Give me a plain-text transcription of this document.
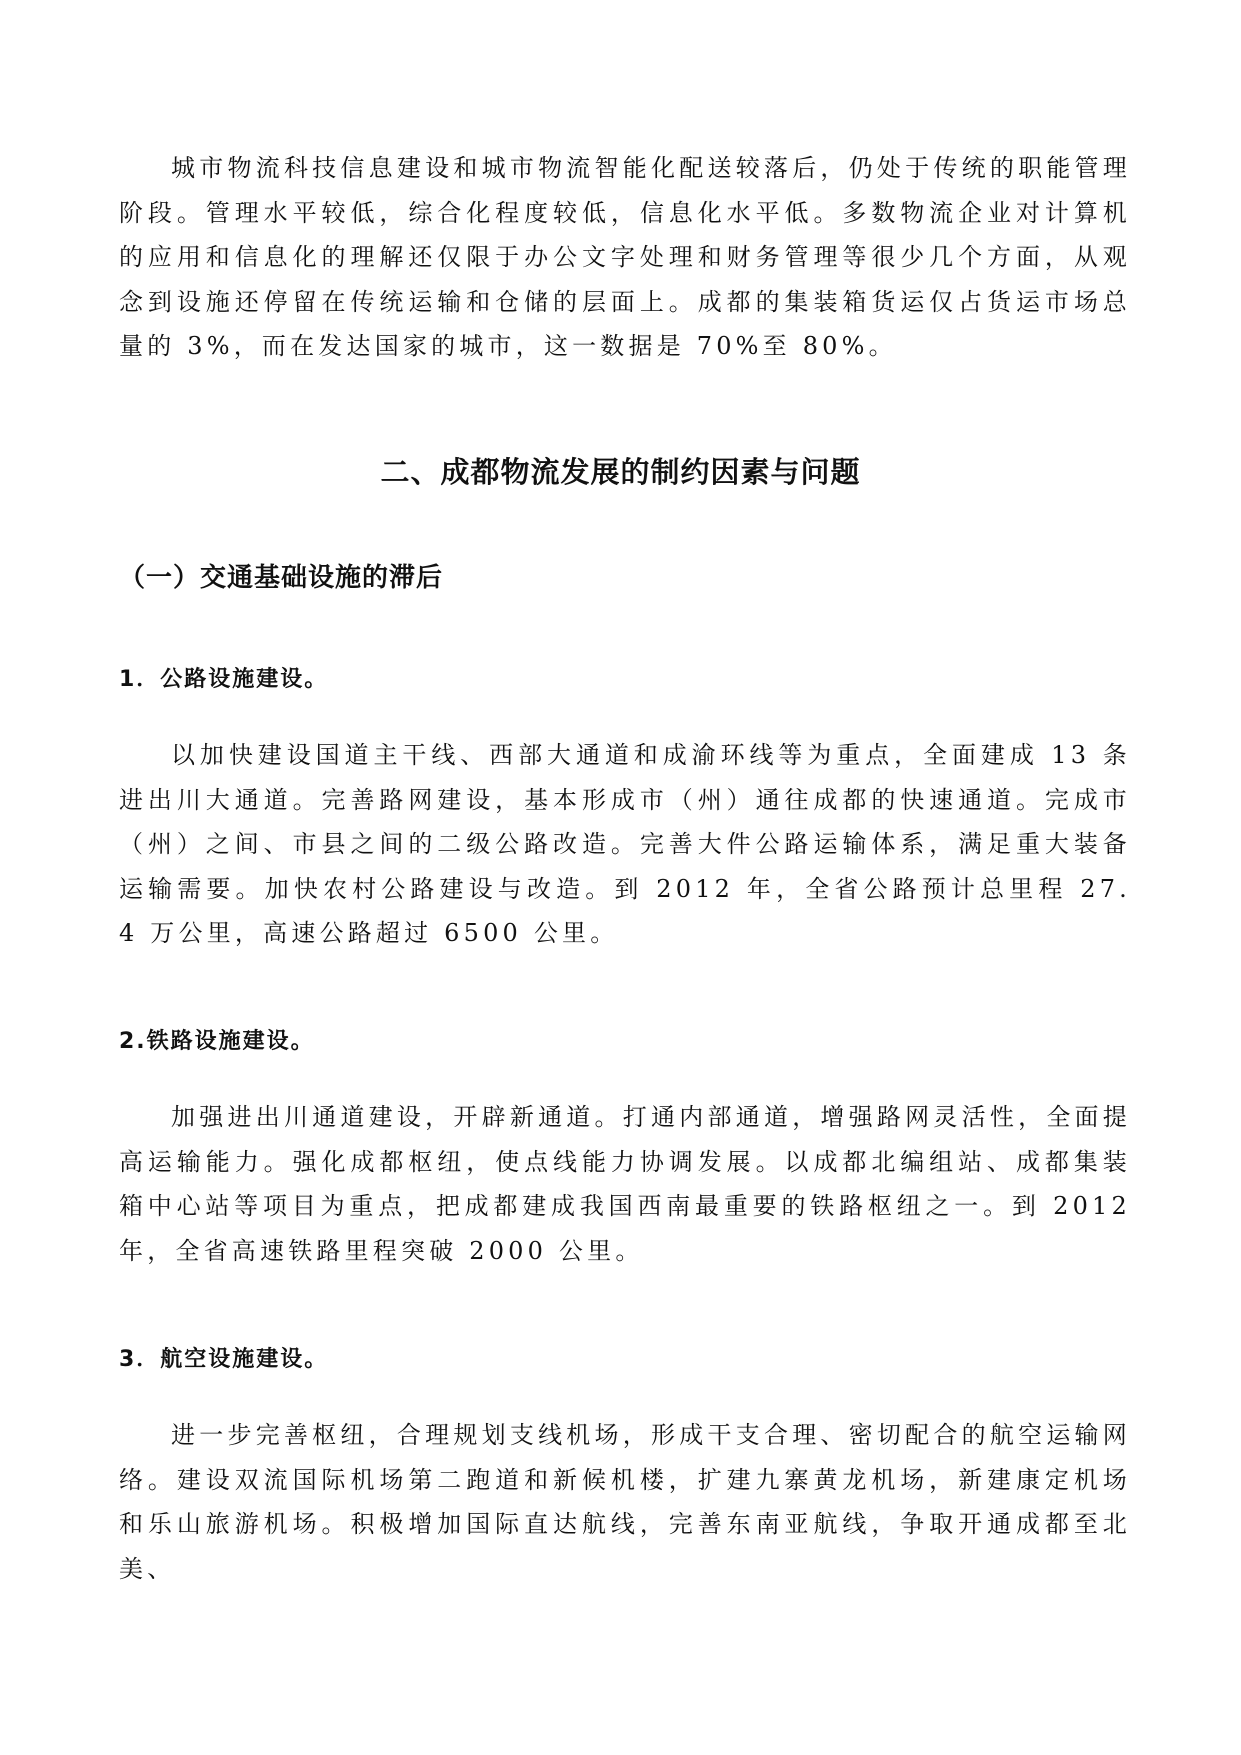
城市物流科技信息建设和城市物流智能化配送较落后，仍处于传统的职能管理阶段。管理水平较低，综合化程度较低，信息化水平低。多数物流企业对计算机的应用和信息化的理解还仅限于办公文字处理和财务管理等很少几个方面，从观念到设施还停留在传统运输和仓储的层面上。成都的集装箱货运仅占货运市场总量的 3%，而在发达国家的城市，这一数据是 70%至 80%。

二、成都物流发展的制约因素与问题
（一）交通基础设施的滞后
1．公路设施建设。

以加快建设国道主干线、西部大通道和成渝环线等为重点，全面建成 13 条进出川大通道。完善路网建设，基本形成市（州）通往成都的快速通道。完成市（州）之间、市县之间的二级公路改造。完善大件公路运输体系，满足重大装备运输需要。加快农村公路建设与改造。到 2012 年，全省公路预计总里程 27. 4 万公里，高速公路超过 6500 公里。

2.铁路设施建设。

加强进出川通道建设，开辟新通道。打通内部通道，增强路网灵活性，全面提高运输能力。强化成都枢纽，使点线能力协调发展。以成都北编组站、成都集装箱中心站等项目为重点，把成都建成我国西南最重要的铁路枢纽之一。到 2012 年，全省高速铁路里程突破 2000 公里。

3．航空设施建设。

进一步完善枢纽，合理规划支线机场，形成干支合理、密切配合的航空运输网络。建设双流国际机场第二跑道和新候机楼，扩建九寨黄龙机场，新建康定机场和乐山旅游机场。积极增加国际直达航线，完善东南亚航线，争取开通成都至北美、
